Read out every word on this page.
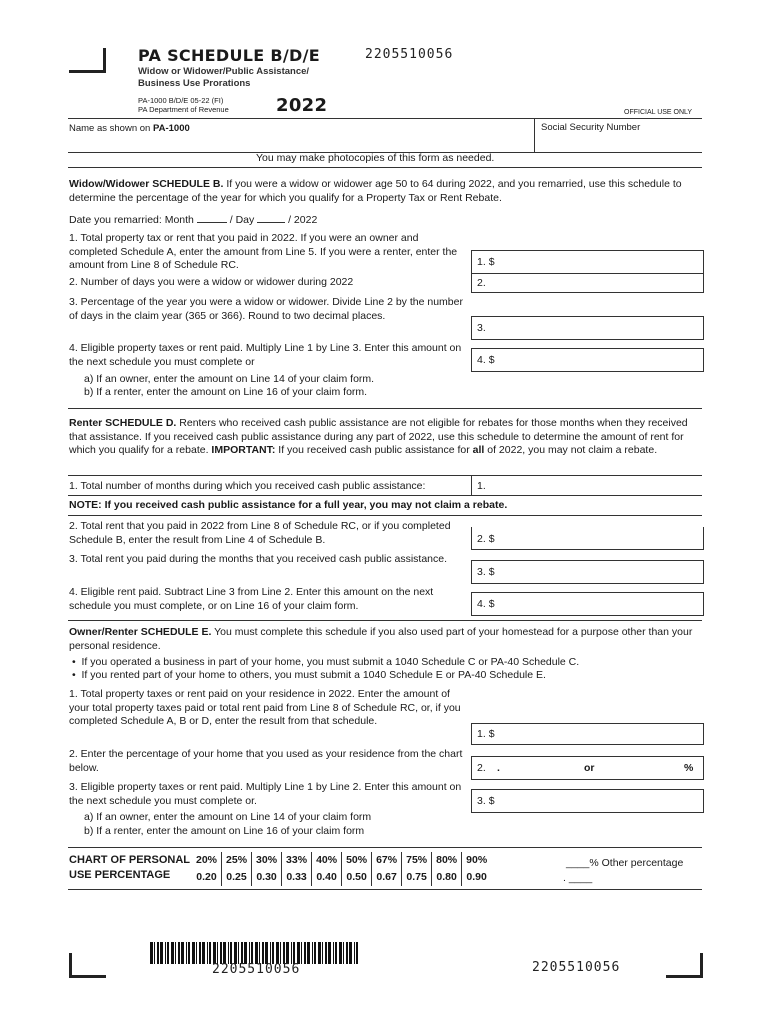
PA SCHEDULE B/D/E	2205510056
Widow or Widower/Public Assistance/ Business Use Prorations
PA-1000 B/D/E 05-22 (FI)
PA Department of Revenue	2022	OFFICIAL USE ONLY
Name as shown on PA-1000	Social Security Number
You may make photocopies of this form as needed.
Widow/Widower SCHEDULE B. If you were a widow or widower age 50 to 64 during 2022, and you remarried, use this schedule to determine the percentage of the year for which you qualify for a Property Tax or Rent Rebate.
Date you remarried: Month	/ Day	/ 2022
1. Total property tax or rent that you paid in 2022. If you were an owner and completed Schedule A, enter the amount from Line 5. If you were a renter, enter the amount from Line 8 of Schedule RC.	1. $
2. Number of days you were a widow or widower during 2022	2.
3. Percentage of the year you were a widow or widower. Divide Line 2 by the number of days in the claim year (365 or 366). Round to two decimal places.
3.
4. Eligible property taxes or rent paid. Multiply Line 1 by Line 3. Enter this amount on the next schedule you must complete or	4. $
a) If an owner, enter the amount on Line 14 of your claim form.
b) If a renter, enter the amount on Line 16 of your claim form.
Renter SCHEDULE D. Renters who received cash public assistance are not eligible for rebates for those months when they received that assistance. If you received cash public assistance during any part of 2022, use this schedule to determine the amount of rent for which you qualify for a rebate. IMPORTANT: If you received cash public assistance for all of 2022, you may not claim a rebate.
1. Total number of months during which you received cash public assistance:	1.
NOTE: If you received cash public assistance for a full year, you may not claim a rebate.
2. Total rent that you paid in 2022 from Line 8 of Schedule RC, or if you completed Schedule B, enter the result from Line 4 of Schedule B.	2. $
3. Total rent you paid during the months that you received cash public assistance.
3. $
4. Eligible rent paid. Subtract Line 3 from Line 2. Enter this amount on the next schedule you must complete, or on Line 16 of your claim form.	4. $
Owner/Renter SCHEDULE E. You must complete this schedule if you also used part of your homestead for a purpose other than your personal residence.
•  If you operated a business in part of your home, you must submit a 1040 Schedule C or PA-40 Schedule C.
•  If you rented part of your home to others, you must submit a 1040 Schedule E or PA-40 Schedule E.
1. Total property taxes or rent paid on your residence in 2022. Enter the amount of your total property taxes paid or total rent paid from Line 8 of Schedule RC, or, if you completed Schedule A, B or D, enter the result from that schedule.
1. $
2. Enter the percentage of your home that you used as your residence from the chart below.	2. .	or	%
3. Eligible property taxes or rent paid. Multiply Line 1 by Line 2. Enter this amount on the next schedule you must complete or.	3. $
a) If an owner, enter the amount on Line 14 of your claim form
b) If a renter, enter the amount on Line 16 of your claim form
CHART OF PERSONAL
USE PERCENTAGE
20%	25%	30%	33%	40%	50%	67%	75%	80%	90%
0.20	0.25	0.30	0.33	0.40	0.50	0.67	0.75	0.80	0.90
____% Other percentage
. ____
2205510056	2205510056
